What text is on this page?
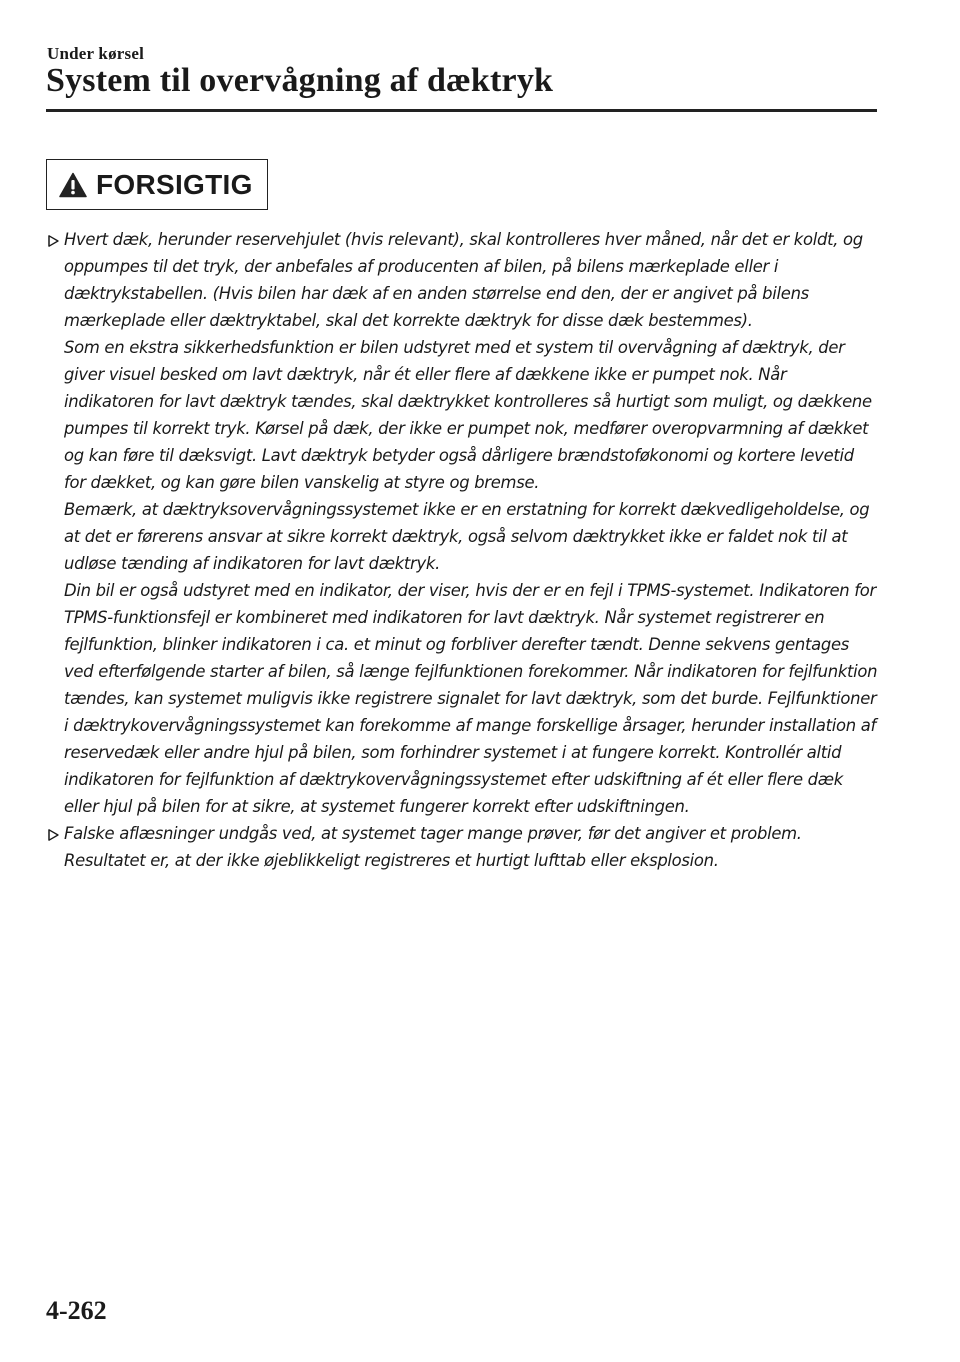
Under kørsel
System til overvågning af dæktryk
FORSIGTIG

Hvert dæk, herunder reservehjulet (hvis relevant), skal kontrolleres hver måned, når det er koldt, og oppumpes til det tryk, der anbefales af producenten af bilen, på bilens mærkeplade eller i dæktrykstabellen. (Hvis bilen har dæk af en anden størrelse end den, der er angivet på bilens mærkeplade eller dæktryktabel, skal det korrekte dæktryk for disse dæk bestemmes).

Som en ekstra sikkerhedsfunktion er bilen udstyret med et system til overvågning af dæktryk, der giver visuel besked om lavt dæktryk, når ét eller flere af dækkene ikke er pumpet nok. Når indikatoren for lavt dæktryk tændes, skal dæktrykket kontrolleres så hurtigt som muligt, og dækkene pumpes til korrekt tryk. Kørsel på dæk, der ikke er pumpet nok, medfører overopvarmning af dækket og kan føre til dæksvigt. Lavt dæktryk betyder også dårligere brændstoføkonomi og kortere levetid for dækket, og kan gøre bilen vanskelig at styre og bremse.

Bemærk, at dæktryksovervågningssystemet ikke er en erstatning for korrekt dækvedligeholdelse, og at det er førerens ansvar at sikre korrekt dæktryk, også selvom dæktrykket ikke er faldet nok til at udløse tænding af indikatoren for lavt dæktryk.

Din bil er også udstyret med en indikator, der viser, hvis der er en fejl i TPMS-systemet. Indikatoren for TPMS-funktionsfejl er kombineret med indikatoren for lavt dæktryk. Når systemet registrerer en fejlfunktion, blinker indikatoren i ca. et minut og forbliver derefter tændt. Denne sekvens gentages ved efterfølgende starter af bilen, så længe fejlfunktionen forekommer. Når indikatoren for fejlfunktion tændes, kan systemet muligvis ikke registrere signalet for lavt dæktryk, som det burde. Fejlfunktioner i dæktrykovervågningssystemet kan forekomme af mange forskellige årsager, herunder installation af reservedæk eller andre hjul på bilen, som forhindrer systemet i at fungere korrekt. Kontrollér altid indikatoren for fejlfunktion af dæktrykovervågningssystemet efter udskiftning af ét eller flere dæk eller hjul på bilen for at sikre, at systemet fungerer korrekt efter udskiftningen.

Falske aflæsninger undgås ved, at systemet tager mange prøver, før det angiver et problem. Resultatet er, at der ikke øjeblikkeligt registreres et hurtigt lufttab eller eksplosion.

4-262
